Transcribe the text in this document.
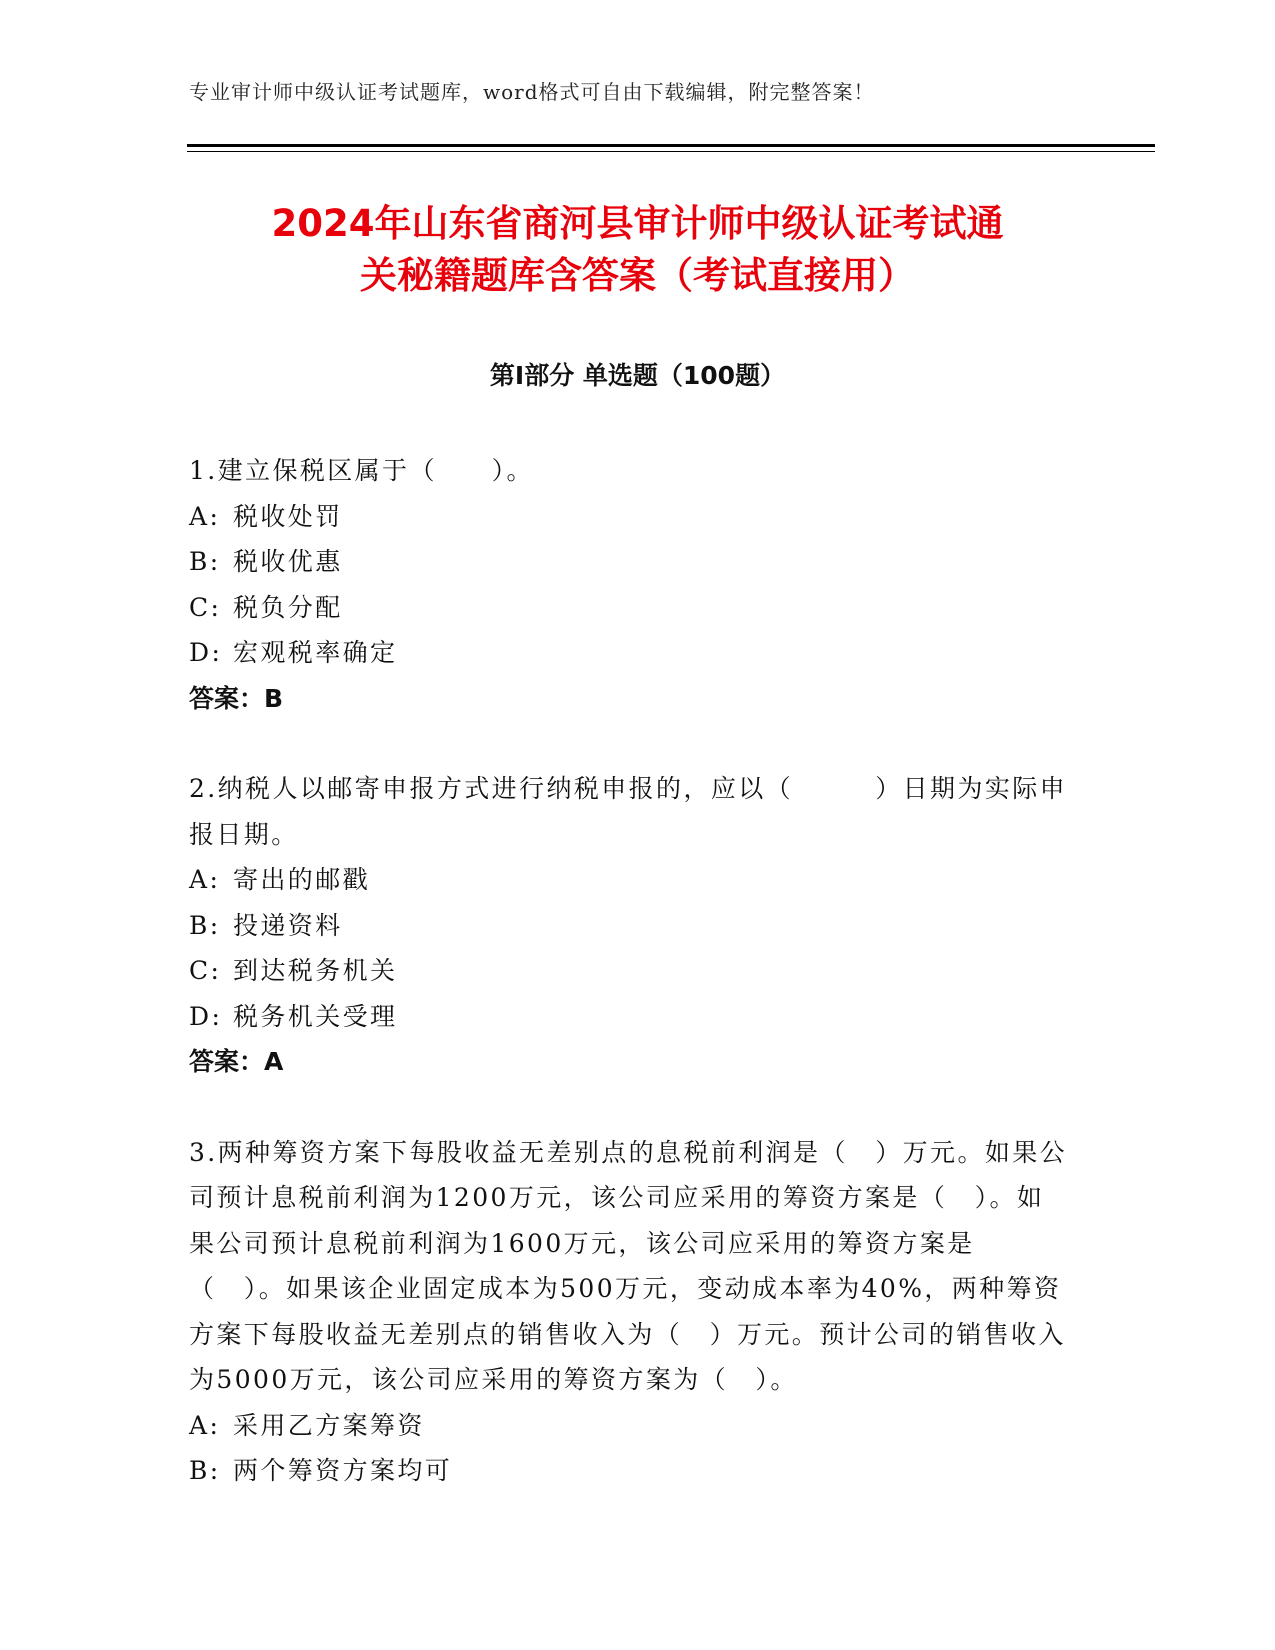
专业审计师中级认证考试题库，word格式可自由下载编辑，附完整答案！
2024年山东省商河县审计师中级认证考试通
关秘籍题库含答案（考试直接用）
第Ⅰ部分 单选题（100题）
1.建立保税区属于（　　）。
A: 税收处罚
B: 税收优惠
C: 税负分配
D: 宏观税率确定
答案：B
2.纳税人以邮寄申报方式进行纳税申报的，应以（　　　）日期为实际申报日期。
A: 寄出的邮戳
B: 投递资料
C: 到达税务机关
D: 税务机关受理
答案：A
3.两种筹资方案下每股收益无差别点的息税前利润是（　）万元。如果公司预计息税前利润为1200万元，该公司应采用的筹资方案是（　）。如果公司预计息税前利润为1600万元，该公司应采用的筹资方案是（　）。如果该企业固定成本为500万元，变动成本率为40%，两种筹资方案下每股收益无差别点的销售收入为（　）万元。预计公司的销售收入为5000万元，该公司应采用的筹资方案为（　）。
A: 采用乙方案筹资
B: 两个筹资方案均可
